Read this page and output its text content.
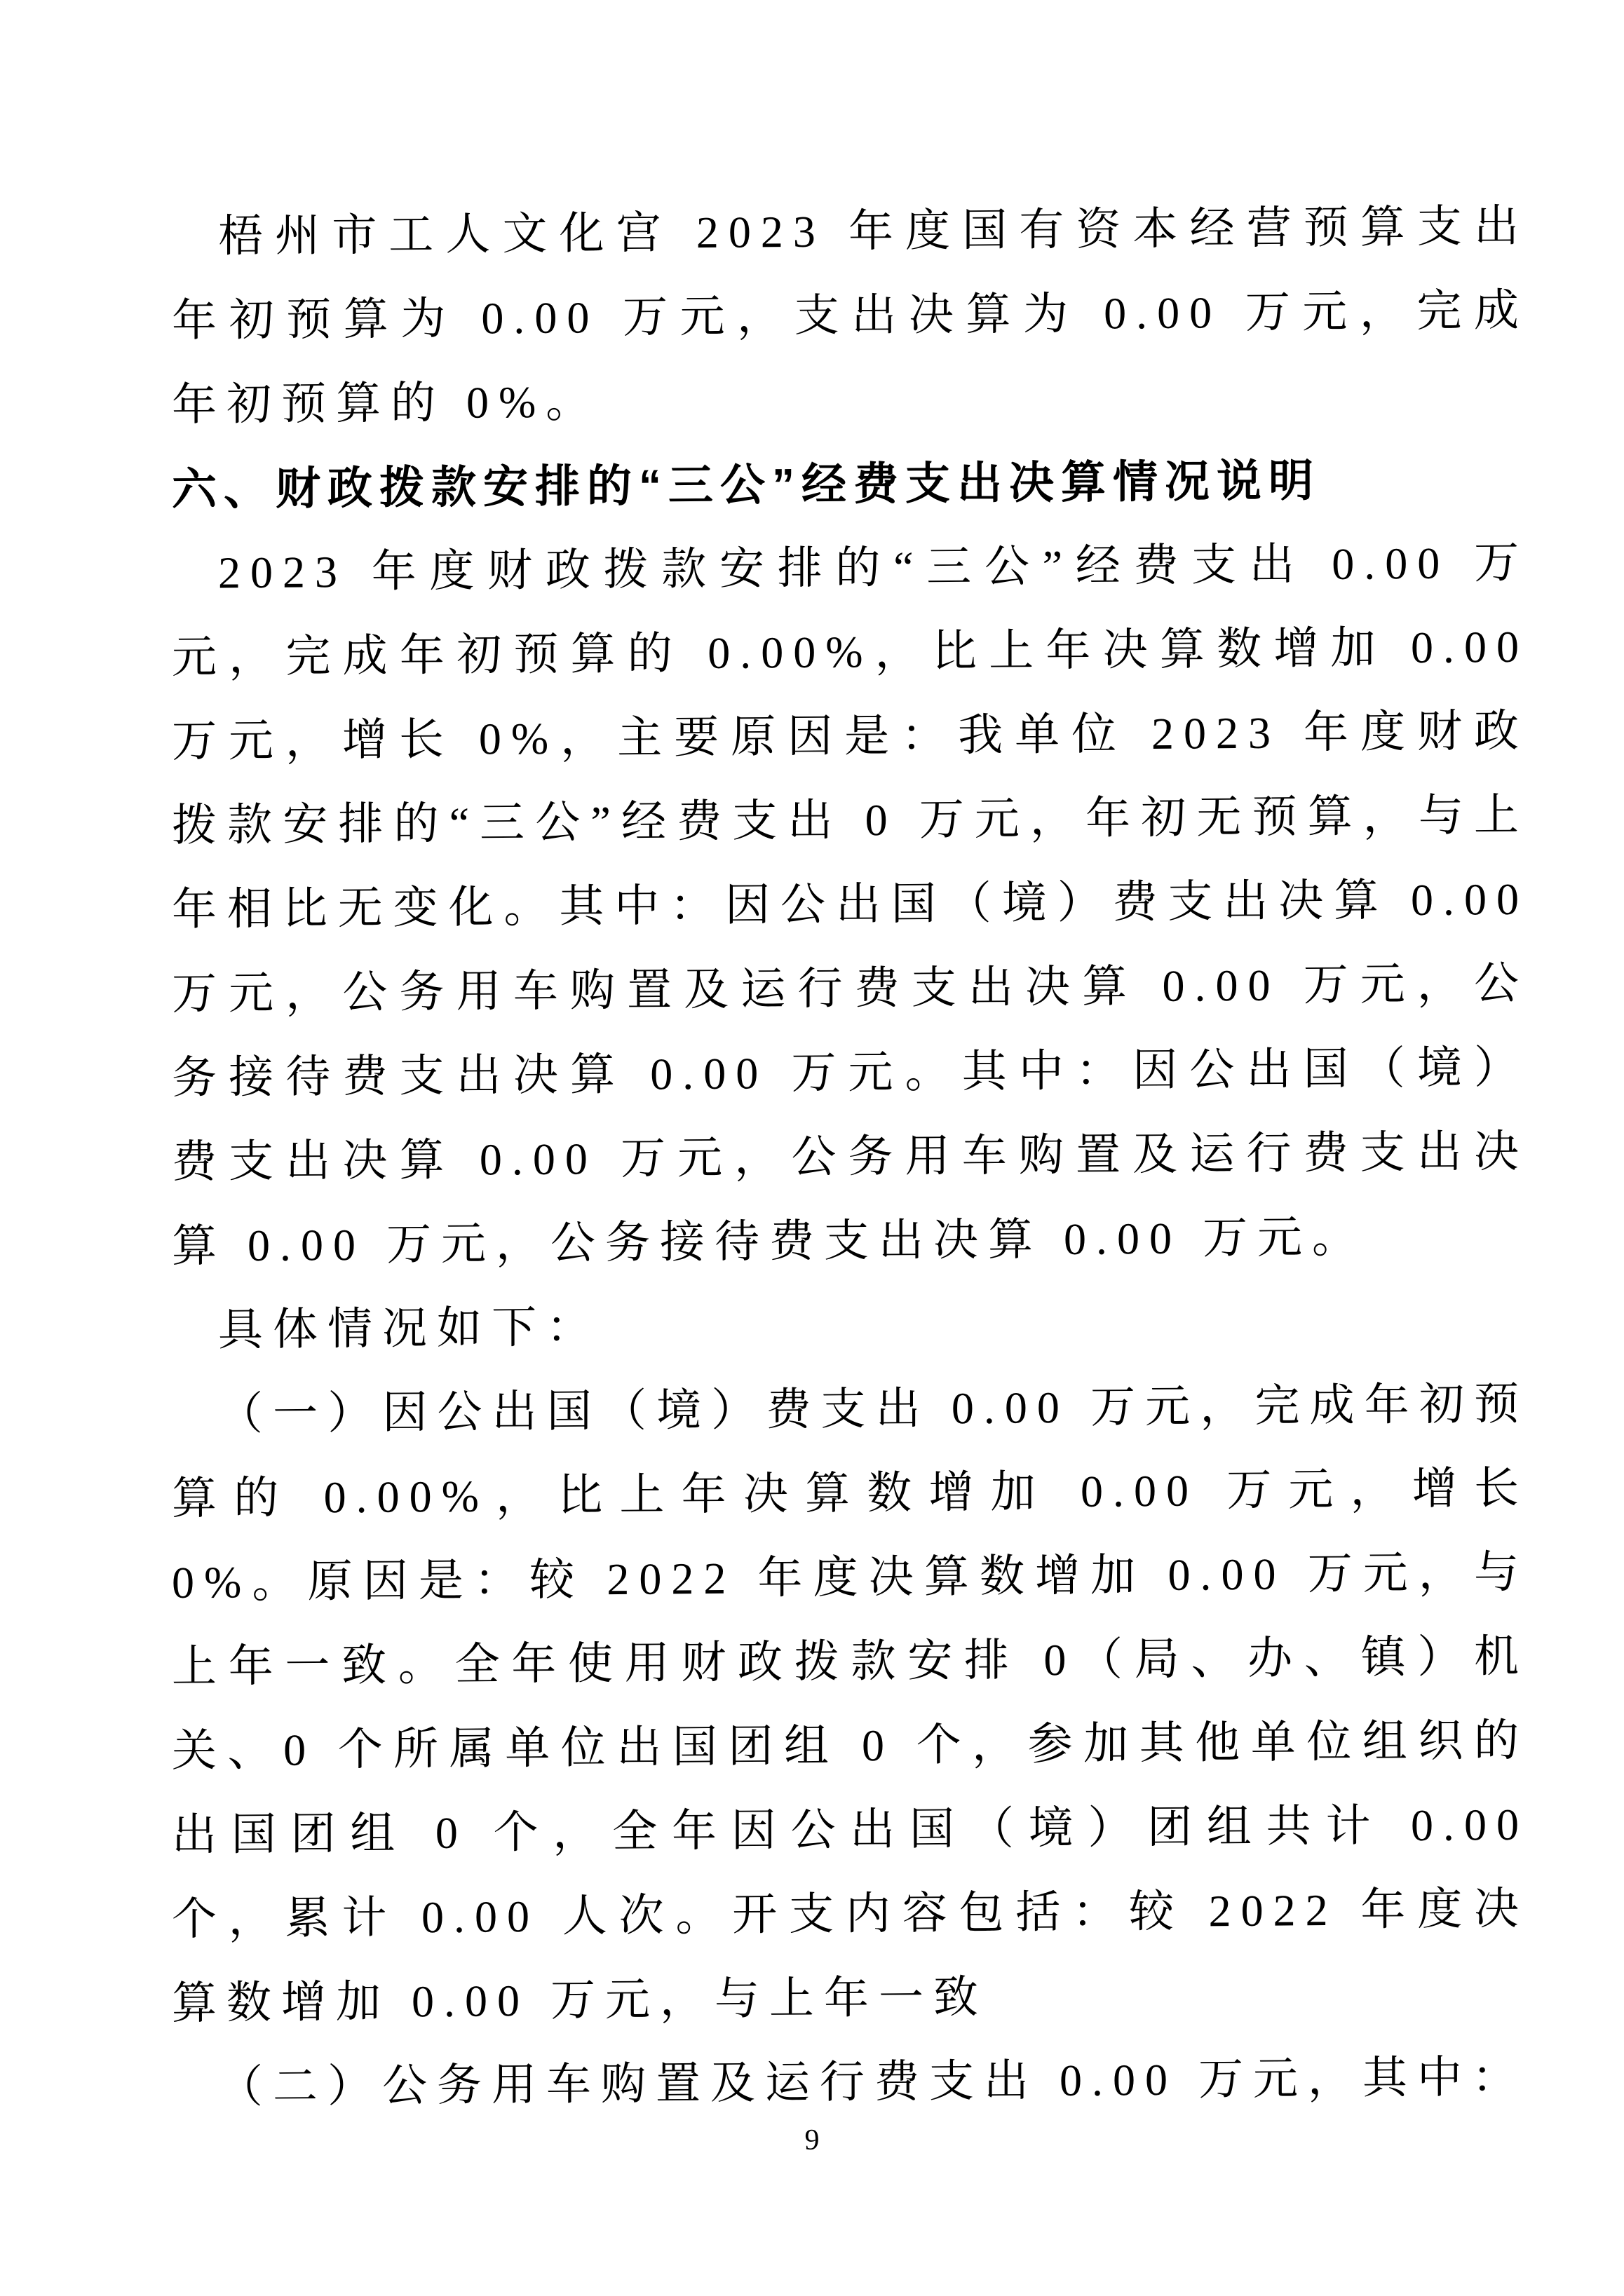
梧州市工人文化宫 2023 年度国有资本经营预算支出年初预算为 0.00 万元，支出决算为 0.00 万元，完成年初预算的 0%。

六、财政拨款安排的“三公”经费支出决算情况说明

2023 年度财政拨款安排的“三公”经费支出 0.00 万元，完成年初预算的 0.00%，比上年决算数增加 0.00 万元，增长 0%，主要原因是：我单位 2023 年度财政拨款安排的“三公”经费支出 0 万元，年初无预算，与上年相比无变化。其中：因公出国（境）费支出决算 0.00 万元，公务用车购置及运行费支出决算 0.00 万元，公务接待费支出决算 0.00 万元。其中：因公出国（境）费支出决算 0.00 万元，公务用车购置及运行费支出决算 0.00 万元，公务接待费支出决算 0.00 万元。

具体情况如下：

（一）因公出国（境）费支出 0.00 万元，完成年初预算的 0.00%，比上年决算数增加 0.00 万元，增长 0%。原因是：较 2022 年度决算数增加 0.00 万元，与上年一致。全年使用财政拨款安排 0（局、办、镇）机关、0 个所属单位出国团组 0 个，参加其他单位组织的出国团组 0 个，全年因公出国（境）团组共计 0.00 个，累计 0.00 人次。开支内容包括：较 2022 年度决算数增加 0.00 万元，与上年一致

（二）公务用车购置及运行费支出 0.00 万元，其中：

9
